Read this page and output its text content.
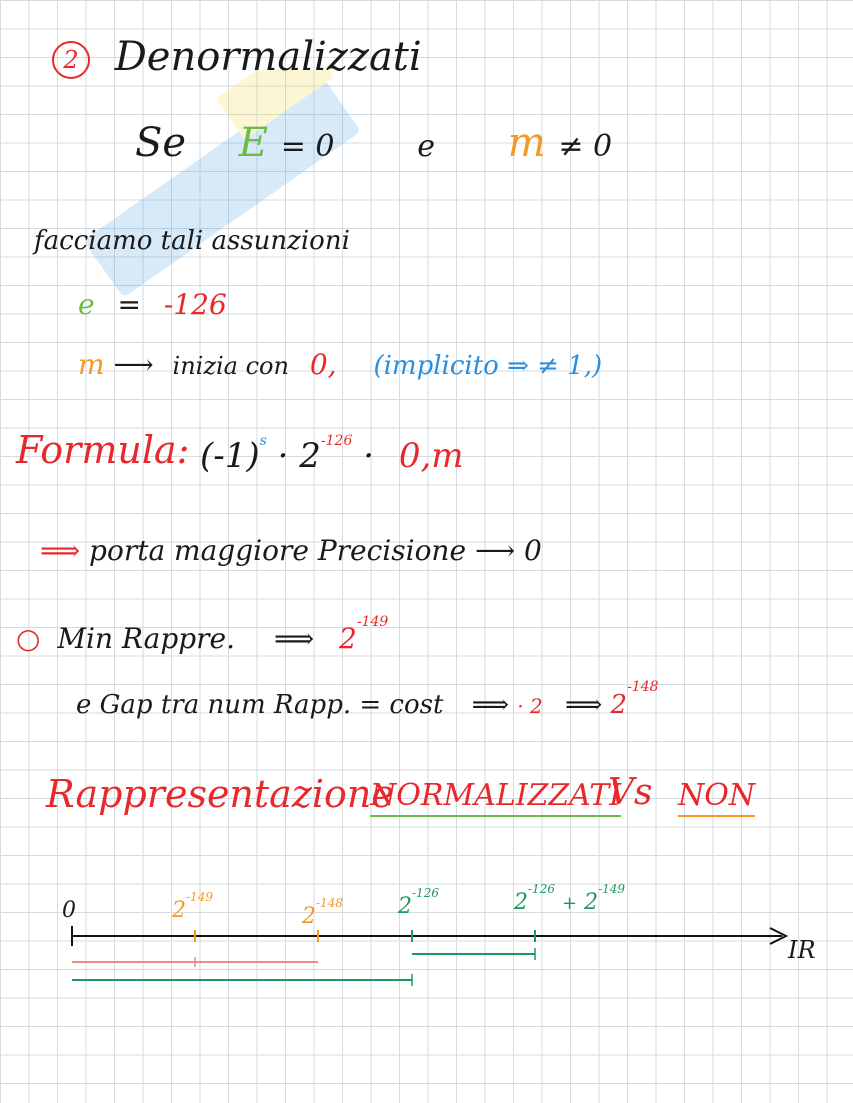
2 Denormalizzati
Se E = 0	e m ≠ 0
facciamo tali assunzioni
e = -126
m ⟶ inizia con 0, (implicito ⇒ ≠ 1,)
Formula: $(-1)^s \cdot 2^{-126} \cdot 0,m$
⟹ porta maggiore Precisione ⟶ 0
○ Min Rappre. ⟹ $2^{-149}$
e Gap tra num Rapp. = cost ⟹ · 2 ⟹ $2^{-148}$
Rappresentazione
NORMALIZZATI
Vs NON
0	$2^{-149}$
$2^{-148}$	$2^{-126}$	$2^{-126} + 2^{-149}$
IR
